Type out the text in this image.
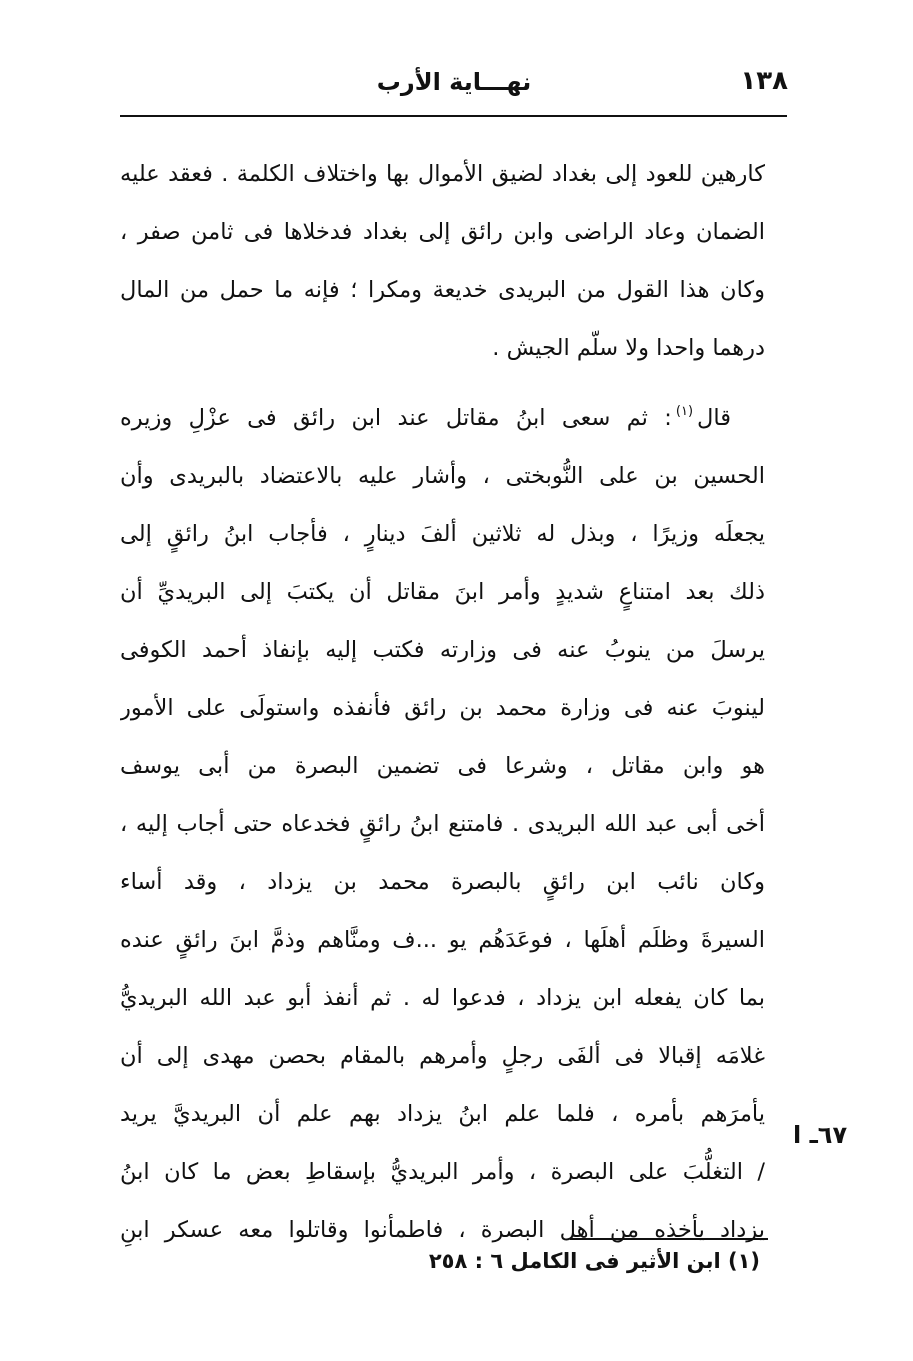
١٣٨
نهـــاية الأرب
كارهين للعود إلى بغداد لضيق الأموال بها واختلاف الكلمة . فعقد عليه
الضمان وعاد الراضى وابن رائق إلى بغداد فدخلاها فى ثامن صفر ،
وكان هذا القول من البريدى خديعة ومكرا ؛ فإنه ما حمل من المال
درهما واحدا ولا سلّم الجيش .
قال$^{(١)}$: ثم سعى ابنُ مقاتل عند ابن رائق فى عزْلِ وزيره
الحسين بن على النُّوبختى ، وأشار عليه بالاعتضاد بالبريدى وأن
يجعلَه وزيرًا ، وبذل له ثلاثين ألفَ دينارٍ ، فأجاب ابنُ رائقٍ إلى
ذلك بعد امتناعٍ شديدٍ وأمر ابنَ مقاتل أن يكتبَ إلى البريديِّ أن
يرسلَ من ينوبُ عنه فى وزارته فكتب إليه بإنفاذ أحمد الكوفى
لينوبَ عنه فى وزارة محمد بن رائق فأنفذه واستولَى على الأمور
هو وابن مقاتل ، وشرعا فى تضمين البصرة من أبى يوسف
أخى أبى عبد الله البريدى . فامتنع ابنُ رائقٍ فخدعاه حتى أجاب إليه ،
وكان نائب ابن رائقٍ بالبصرة محمد بن يزداد ، وقد أساء
السيرةَ وظلَم أهلَها ، فوعَدَهُم يو ...ف ومنَّاهم وذمَّ ابنَ رائقٍ عنده
بما كان يفعله ابن يزداد ، فدعوا له . ثم أنفذ أبو عبد الله البريديُّ
غلامَه إقبالا فى ألفَى رجلٍ وأمرهم بالمقام بحصن مهدى إلى أن
يأمرَهم بأمره ، فلما علم ابنُ يزداد بهم علم أن البريديَّ يريد
/ التغلُّبَ على البصرة ، وأمر البريديُّ بإسقاطِ بعض ما كان ابنُ
يزداد يأخذه من أهل البصرة ، فاطمأنوا وقاتلوا معه عسكر ابنِ
٦٧ـ ا
(١) ابن الأثير فى الكامل ٦ : ٢٥٨
